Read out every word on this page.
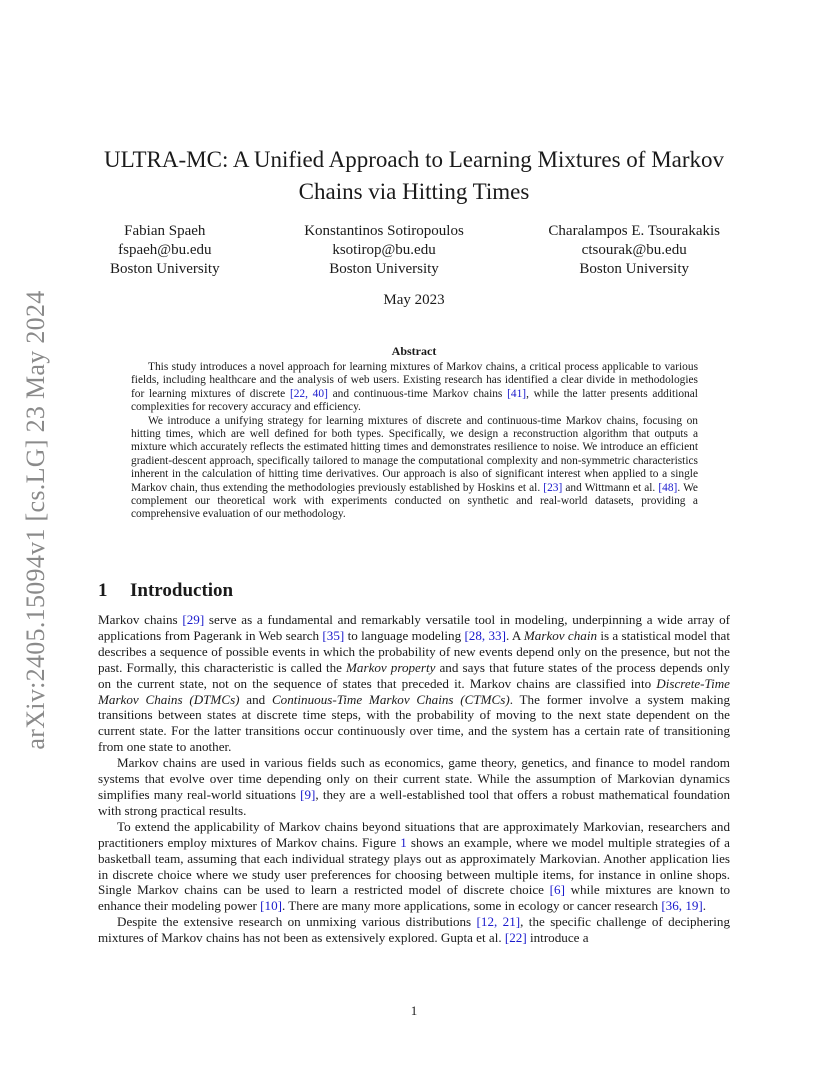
arXiv:2405.15094v1 [cs.LG] 23 May 2024
ULTRA-MC: A Unified Approach to Learning Mixtures of Markov
Chains via Hitting Times
Fabian Spaeh
fspaeh@bu.edu
Boston University
Konstantinos Sotiropoulos
ksotirop@bu.edu
Boston University
Charalampos E. Tsourakakis
ctsourak@bu.edu
Boston University
May 2023
Abstract

This study introduces a novel approach for learning mixtures of Markov chains, a critical process applicable to various fields, including healthcare and the analysis of web users. Existing research has identified a clear divide in methodologies for learning mixtures of discrete [22, 40] and continuous-time Markov chains [41], while the latter presents additional complexities for recovery accuracy and efficiency.

We introduce a unifying strategy for learning mixtures of discrete and continuous-time Markov chains, focusing on hitting times, which are well defined for both types. Specifically, we design a reconstruction algorithm that outputs a mixture which accurately reflects the estimated hitting times and demonstrates resilience to noise. We introduce an efficient gradient-descent approach, specifically tailored to manage the computational complexity and non-symmetric characteristics inherent in the calculation of hitting time derivatives. Our approach is also of significant interest when applied to a single Markov chain, thus extending the methodologies previously established by Hoskins et al. [23] and Wittmann et al. [48]. We complement our theoretical work with experiments conducted on synthetic and real-world datasets, providing a comprehensive evaluation of our methodology.

1 Introduction

Markov chains [29] serve as a fundamental and remarkably versatile tool in modeling, underpinning a wide array of applications from Pagerank in Web search [35] to language modeling [28, 33]. A Markov chain is a statistical model that describes a sequence of possible events in which the probability of new events depend only on the presence, but not the past. Formally, this characteristic is called the Markov property and says that future states of the process depends only on the current state, not on the sequence of states that preceded it. Markov chains are classified into Discrete-Time Markov Chains (DTMCs) and Continuous-Time Markov Chains (CTMCs). The former involve a system making transitions between states at discrete time steps, with the probability of moving to the next state dependent on the current state. For the latter transitions occur continuously over time, and the system has a certain rate of transitioning from one state to another.

Markov chains are used in various fields such as economics, game theory, genetics, and finance to model random systems that evolve over time depending only on their current state. While the assumption of Markovian dynamics simplifies many real-world situations [9], they are a well-established tool that offers a robust mathematical foundation with strong practical results.

To extend the applicability of Markov chains beyond situations that are approximately Markovian, researchers and practitioners employ mixtures of Markov chains. Figure 1 shows an example, where we model multiple strategies of a basketball team, assuming that each individual strategy plays out as approximately Markovian. Another application lies in discrete choice where we study user preferences for choosing between multiple items, for instance in online shops. Single Markov chains can be used to learn a restricted model of discrete choice [6] while mixtures are known to enhance their modeling power [10]. There are many more applications, some in ecology or cancer research [36, 19].

Despite the extensive research on unmixing various distributions [12, 21], the specific challenge of deciphering mixtures of Markov chains has not been as extensively explored. Gupta et al. [22] introduce a

1
